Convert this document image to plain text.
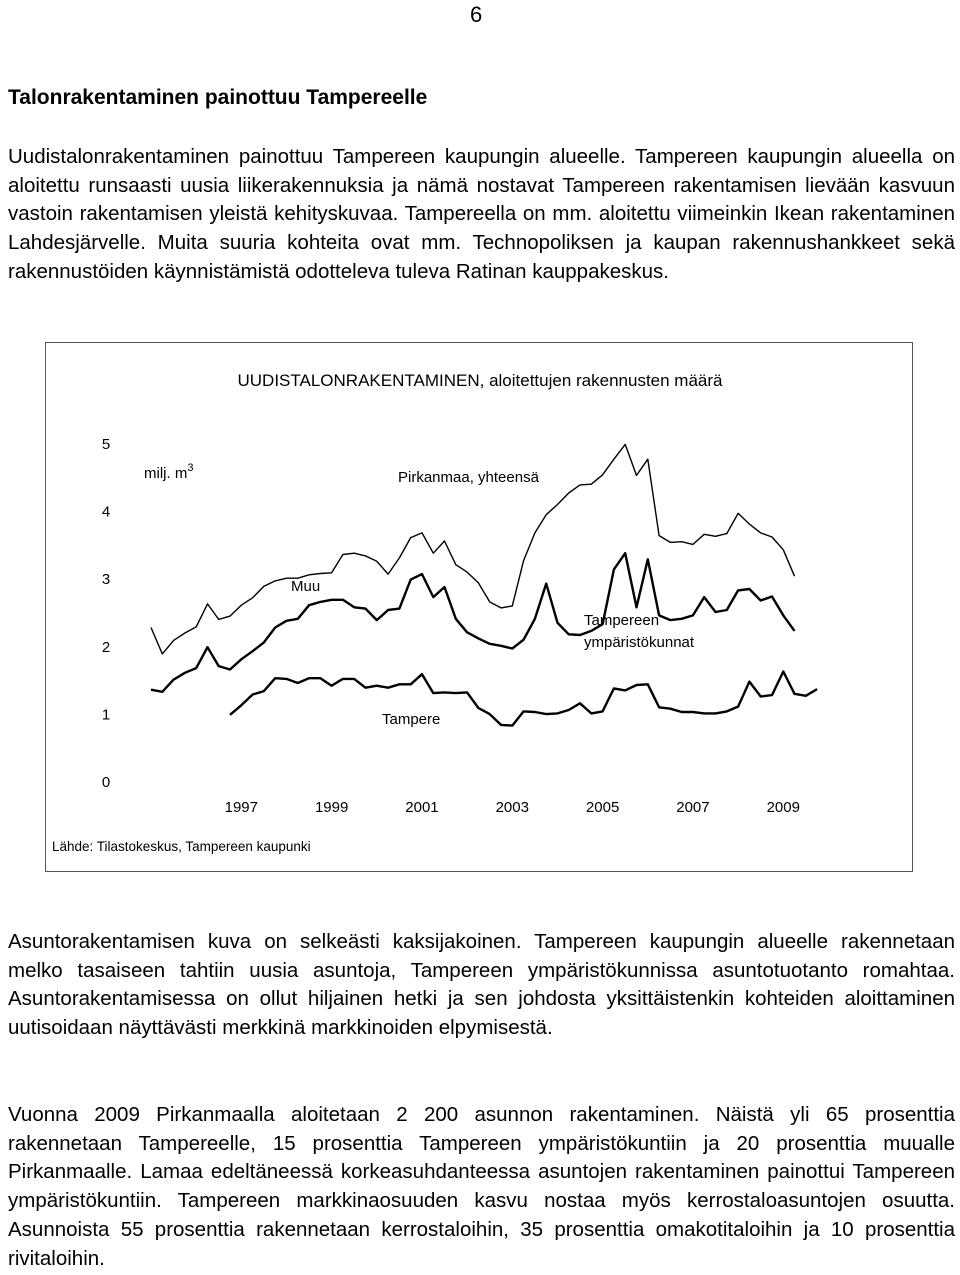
6
Talonrakentaminen painottuu Tampereelle

Uudistalonrakentaminen painottuu Tampereen kaupungin alueelle. Tampereen kaupungin alueella on aloitettu runsaasti uusia liikerakennuksia ja nämä nostavat Tampereen rakentamisen lievään kasvuun vastoin rakentamisen yleistä kehityskuvaa. Tampereella on mm. aloitettu viimeinkin Ikean rakentaminen Lahdesjärvelle. Muita suuria kohteita ovat mm. Technopoliksen ja kaupan rakennushankkeet sekä rakennustöiden käynnistämistä odotteleva tuleva Ratinan kauppakeskus.

UUDISTALONRAKENTAMINEN, aloitettujen rakennusten määrä
0
1
2
3
4
5
1997	1999	2001	2003	2005	2007	2009
milj. $m^3$
Pirkanmaa, yhteensä
Muu
Tampereen
ympäristökunnat
Tampere
Lähde: Tilastokeskus, Tampereen kaupunki

Asuntorakentamisen kuva on selkeästi kaksijakoinen. Tampereen kaupungin alueelle rakennetaan melko tasaiseen tahtiin uusia asuntoja, Tampereen ympäristökunnissa asuntotuotanto romahtaa. Asuntorakentamisessa on ollut hiljainen hetki ja sen johdosta yksittäistenkin kohteiden aloittaminen uutisoidaan näyttävästi merkkinä markkinoiden elpymisestä.

Vuonna 2009 Pirkanmaalla aloitetaan 2 200 asunnon rakentaminen. Näistä yli 65 prosenttia rakennetaan Tampereelle, 15 prosenttia Tampereen ympäristökuntiin ja 20 prosenttia muualle Pirkanmaalle. Lamaa edeltäneessä korkeasuhdanteessa asuntojen rakentaminen painottui Tampereen ympäristökuntiin. Tampereen markkinaosuuden kasvu nostaa myös kerrostaloasuntojen osuutta. Asunnoista 55 prosenttia rakennetaan kerrostaloihin, 35 prosenttia omakotitaloihin ja 10 prosenttia rivitaloihin.
